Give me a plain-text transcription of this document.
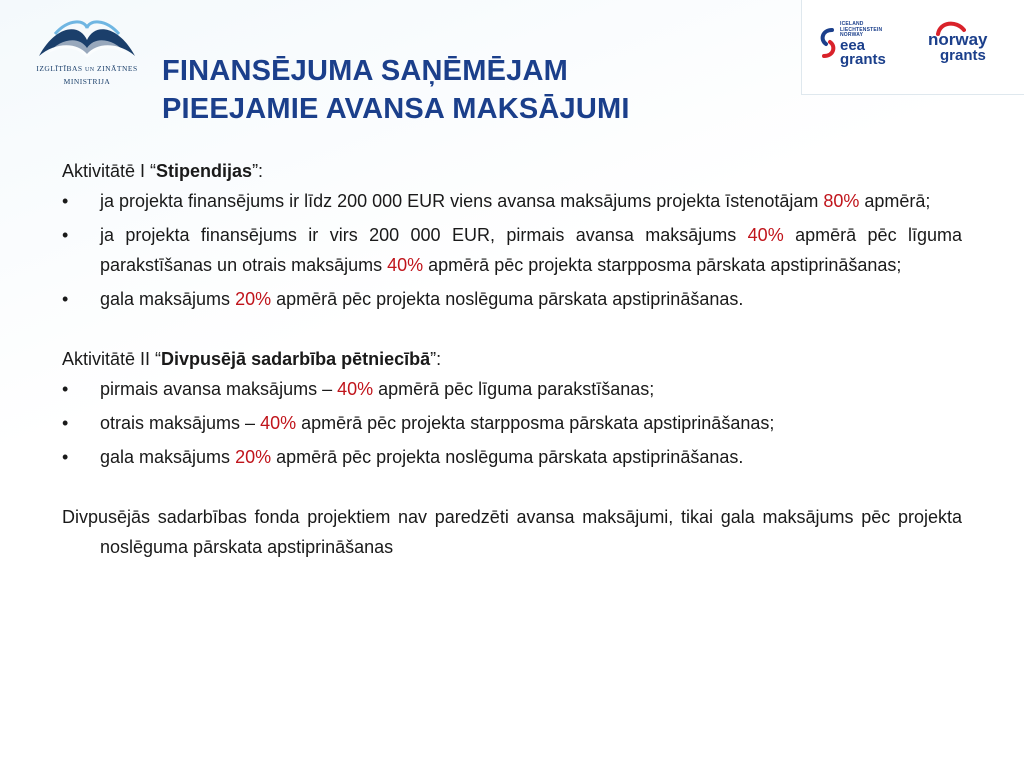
IZGLĪTĪBAS UN ZINĀTNES
MINISTRIJA	FINANSĒJUMA SAŅĒMĒJAM
PIEEJAMIE AVANSA MAKSĀJUMI
ICELAND
LIECHTENSTEIN
NORWAY
eea
grants
norway
grants

Aktivitātē I “Stipendijas”:

•	ja projekta finansējums ir līdz 200 000 EUR viens avansa maksājums projekta īstenotājam 80% apmērā;
•	ja projekta finansējums ir virs 200 000 EUR, pirmais avansa maksājums 40% apmērā pēc līguma parakstīšanas un otrais maksājums 40% apmērā pēc projekta starpposma pārskata apstiprināšanas;
•	gala maksājums 20% apmērā pēc projekta noslēguma pārskata apstiprināšanas.

Aktivitātē II “Divpusējā sadarbība pētniecībā”:

•	pirmais avansa maksājums – 40% apmērā pēc līguma parakstīšanas;
•	otrais maksājums – 40% apmērā pēc projekta starpposma pārskata apstiprināšanas;
•	gala maksājums 20% apmērā pēc projekta noslēguma pārskata apstiprināšanas.

Divpusējās sadarbības fonda projektiem nav paredzēti avansa maksājumi, tikai gala maksājums pēc projekta noslēguma pārskata apstiprināšanas
